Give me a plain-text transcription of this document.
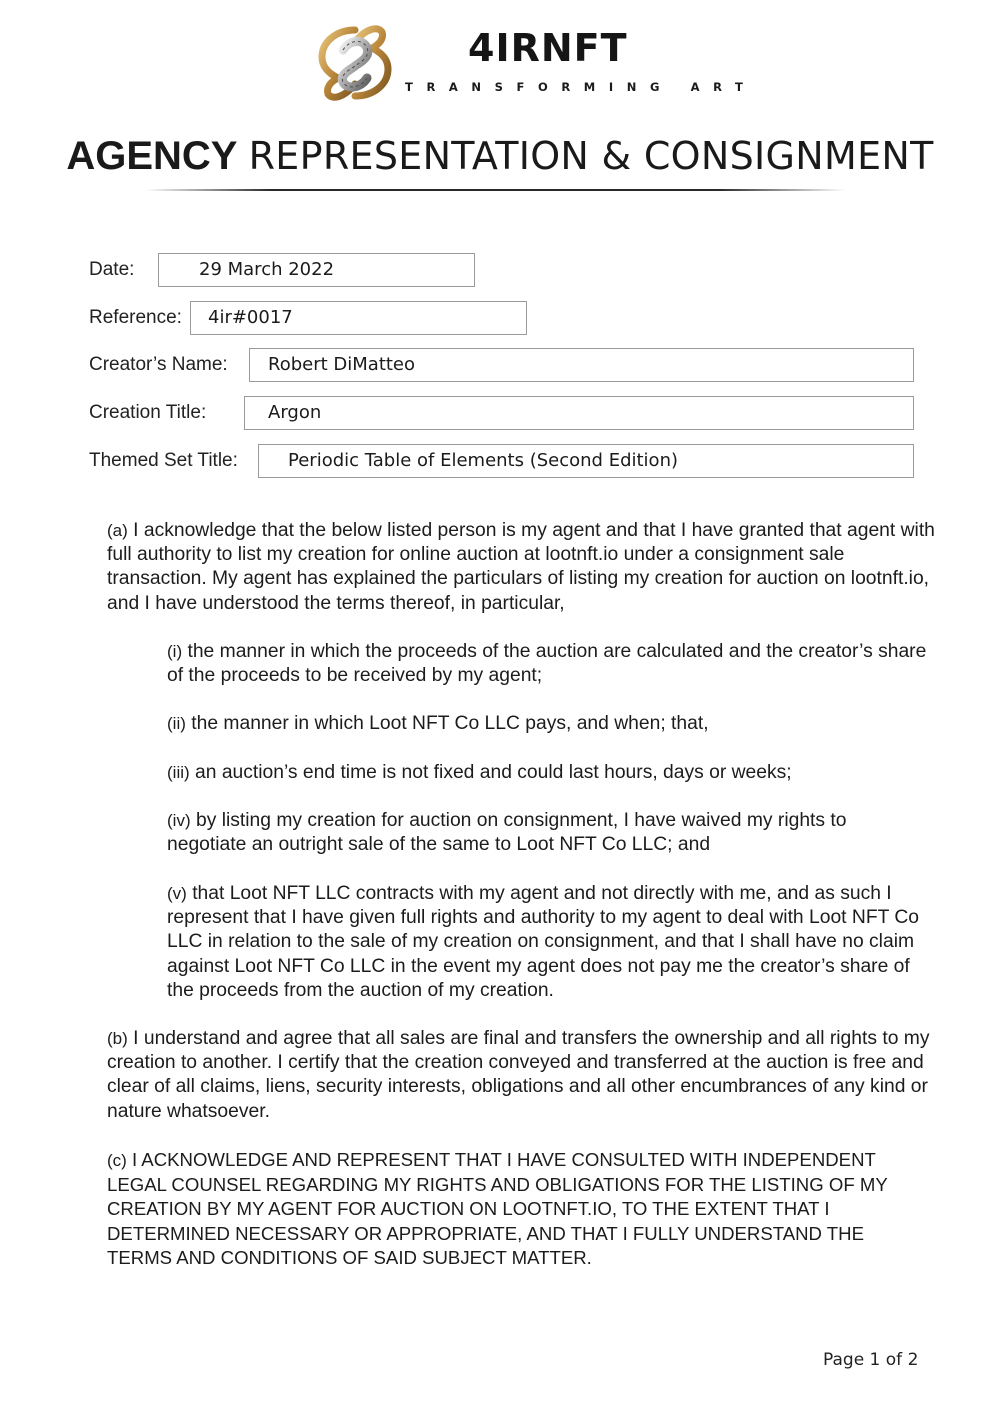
4IRNFT
TRANSFORMING ART
AGENCY REPRESENTATION & CONSIGNMENT
Date:	29 March 2022
Reference:	4ir#0017
Creator’s Name:	Robert DiMatteo
Creation Title:	Argon
Themed Set Title:	Periodic Table of Elements (Second Edition)
(a) I acknowledge that the below listed person is my agent and that I have granted that agent with full authority to list my creation for online auction at lootnft.io under a consignment sale transaction. My agent has explained the particulars of listing my creation for auction on lootnft.io, and I have understood the terms thereof, in particular,
(i) the manner in which the proceeds of the auction are calculated and the creator’s share of the proceeds to be received by my agent;
(ii) the manner in which Loot NFT Co LLC pays, and when; that,
(iii) an auction’s end time is not fixed and could last hours, days or weeks;
(iv) by listing my creation for auction on consignment, I have waived my rights to negotiate an outright sale of the same to Loot NFT Co LLC; and
(v) that Loot NFT LLC contracts with my agent and not directly with me, and as such I represent that I have given full rights and authority to my agent to deal with Loot NFT Co LLC in relation to the sale of my creation on consignment, and that I shall have no claim against Loot NFT Co LLC in the event my agent does not pay me the creator’s share of the proceeds from the auction of my creation.
(b) I understand and agree that all sales are final and transfers the ownership and all rights to my creation to another. I certify that the creation conveyed and transferred at the auction is free and clear of all claims, liens, security interests, obligations and all other encumbrances of any kind or nature whatsoever.
(c) I ACKNOWLEDGE AND REPRESENT THAT I HAVE CONSULTED WITH INDEPENDENT LEGAL COUNSEL REGARDING MY RIGHTS AND OBLIGATIONS FOR THE LISTING OF MY CREATION BY MY AGENT FOR AUCTION ON LOOTNFT.IO, TO THE EXTENT THAT I DETERMINED NECESSARY OR APPROPRIATE, AND THAT I FULLY UNDERSTAND THE TERMS AND CONDITIONS OF SAID SUBJECT MATTER.
Page 1 of 2
